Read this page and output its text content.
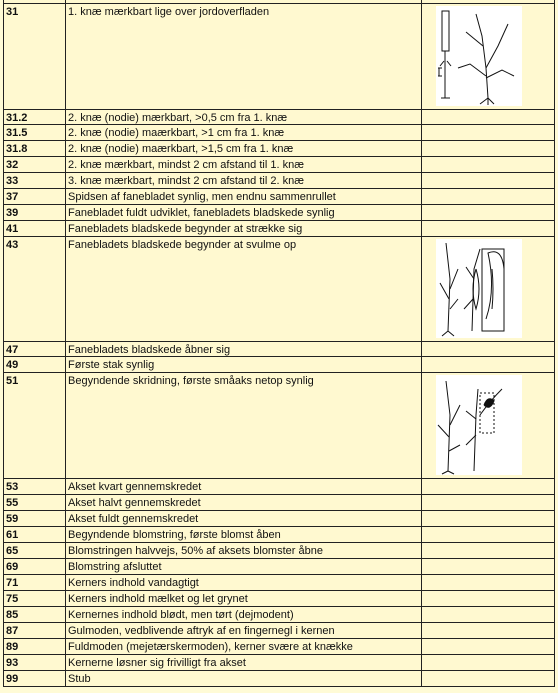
31	1. knæ mærkbart lige over jordoverfladen
31.2	2. knæ (nodie) mærkbart, >0,5 cm fra 1. knæ
31.5	2. knæ (nodie) maærkbart, >1 cm fra 1. knæ
31.8	2. knæ (nodie) maærkbart, >1,5 cm fra 1. knæ
32	2. knæ mærkbart, mindst 2 cm afstand til 1. knæ
33	3. knæ mærkbart, mindst 2 cm afstand til 2. knæ
37	Spidsen af fanebladet synlig, men endnu sammenrullet
39	Fanebladet fuldt udviklet, fanebladets bladskede synlig
41	Fanebladets bladskede begynder at strække sig
43	Fanebladets bladskede begynder at svulme op
47	Fanebladets bladskede åbner sig
49	Første stak synlig
51	Begyndende skridning, første småaks netop synlig
53	Akset kvart gennemskredet
55	Akset halvt gennemskredet
59	Akset fuldt gennemskredet
61	Begyndende blomstring, første blomst åben
65	Blomstringen halvvejs, 50% af aksets blomster åbne
69	Blomstring afsluttet
71	Kerners indhold vandagtigt
75	Kerners indhold mælket og let grynet
85	Kernernes indhold blødt, men tørt (dejmodent)
87	Gulmoden, vedblivende aftryk af en fingernegl i kernen
89	Fuldmoden (mejetærskermoden), kerner svære at knække
93	Kernerne løsner sig frivilligt fra akset
99	Stub
